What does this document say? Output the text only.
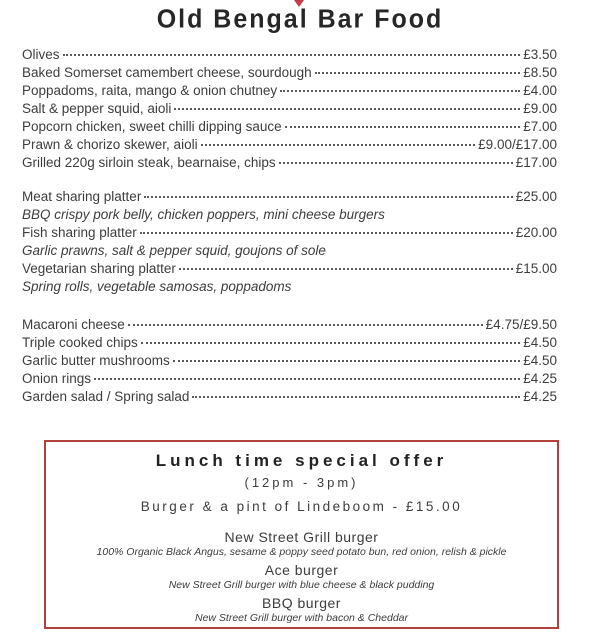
Old Bengal Bar Food
Olives	£3.50
Baked Somerset camembert cheese, sourdough	£8.50
Poppadoms, raita, mango & onion chutney	£4.00
Salt & pepper squid, aioli	£9.00
Popcorn chicken, sweet chilli dipping sauce	£7.00
Prawn & chorizo skewer, aioli	£9.00/£17.00
Grilled 220g sirloin steak, bearnaise, chips	£17.00
Meat sharing platter	£25.00
BBQ crispy pork belly, chicken poppers, mini cheese burgers
Fish sharing platter	£20.00
Garlic prawns, salt & pepper squid, goujons of sole
Vegetarian sharing platter	£15.00
Spring rolls, vegetable samosas, poppadoms
Macaroni cheese	£4.75/£9.50
Triple cooked chips	£4.50
Garlic butter mushrooms	£4.50
Onion rings	£4.25
Garden salad / Spring salad	£4.25
Lunch time special offer
(12pm - 3pm)
Burger & a pint of Lindeboom - £15.00
New Street Grill burger
100% Organic Black Angus, sesame & poppy seed potato bun, red onion, relish & pickle
Ace burger
New Street Grill burger with blue cheese & black pudding
BBQ burger
New Street Grill burger with bacon & Cheddar
